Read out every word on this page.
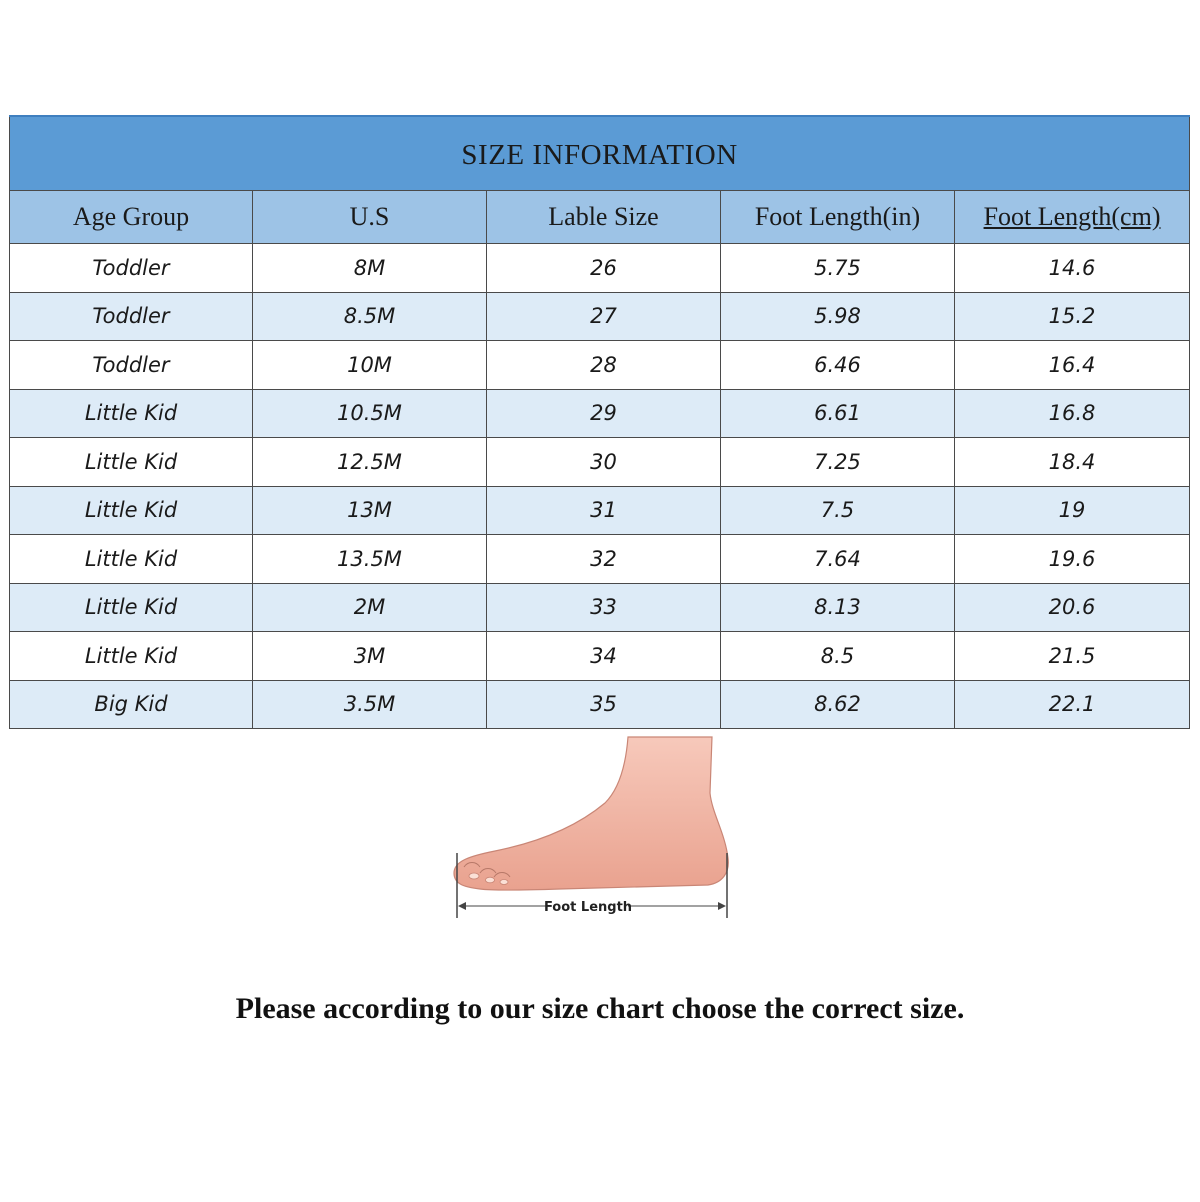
SIZE INFORMATION				
Age Group	U.S	Lable Size	Foot Length(in)	Foot Length(cm)
Toddler	8M	26	5.75	14.6
Toddler	8.5M	27	5.98	15.2
Toddler	10M	28	6.46	16.4
Little Kid	10.5M	29	6.61	16.8
Little Kid	12.5M	30	7.25	18.4
Little Kid	13M	31	7.5	19
Little Kid	13.5M	32	7.64	19.6
Little Kid	2M	33	8.13	20.6
Little Kid	3M	34	8.5	21.5
Big Kid	3.5M	35	8.62	22.1
Foot Length
Please according to our size chart choose the correct size.
